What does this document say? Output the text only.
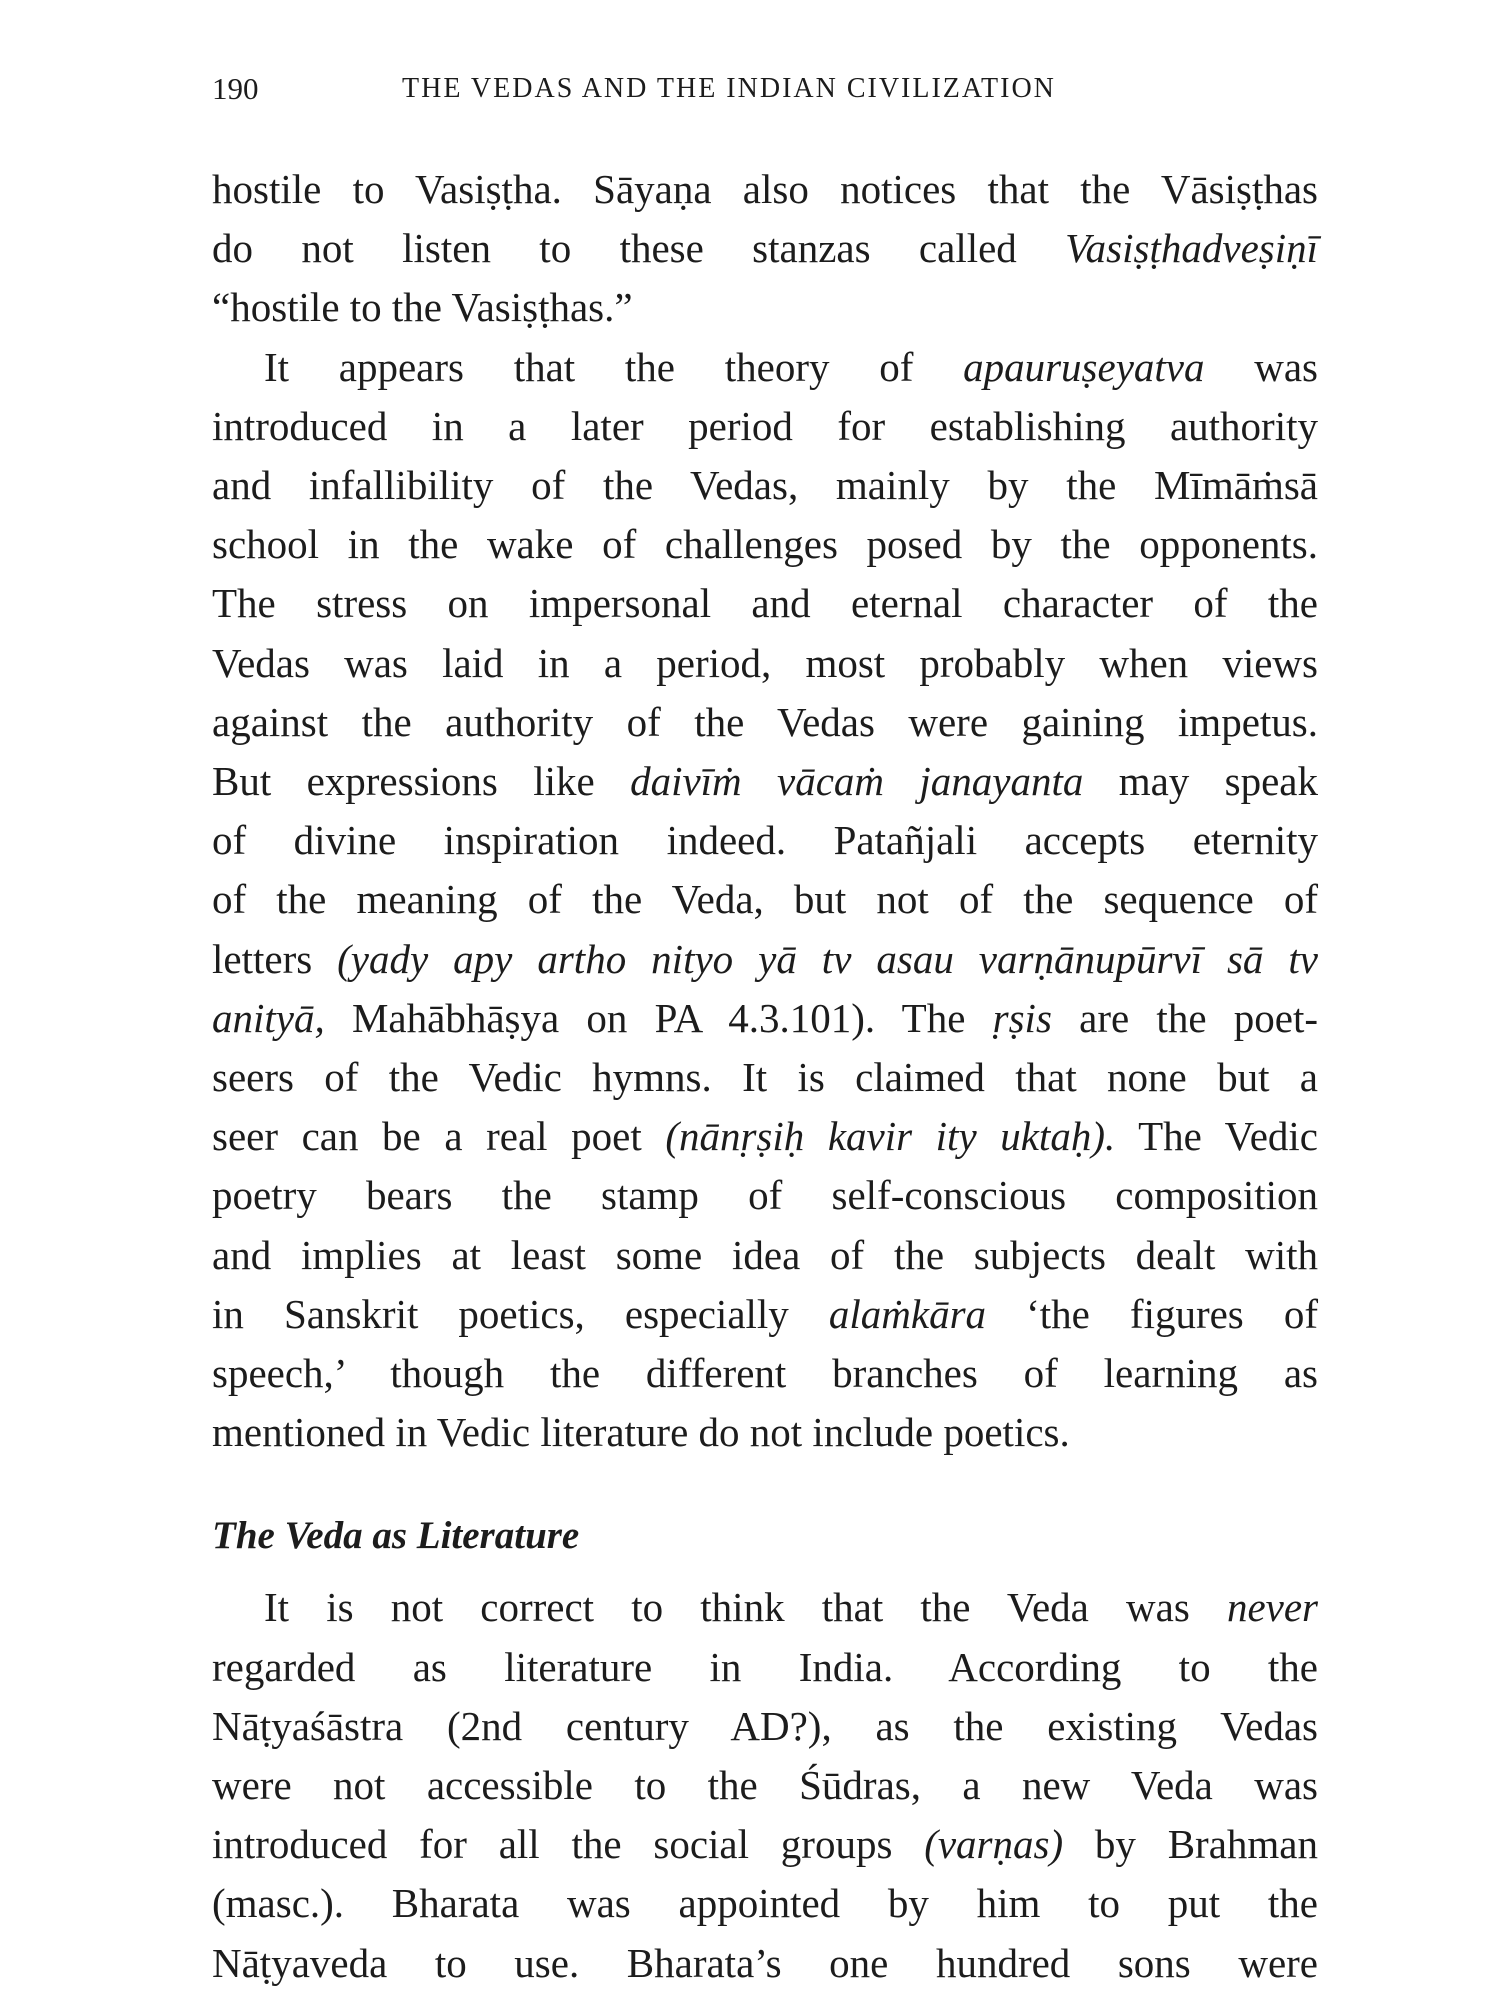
190	THE VEDAS AND THE INDIAN CIVILIZATION

hostile to Vasiṣṭha. Sāyaṇa also notices that the Vāsiṣṭhas
do not listen to these stanzas called Vasiṣṭhadveṣiṇī
“hostile to the Vasiṣṭhas.”

It appears that the theory of apauruṣeyatva was
introduced in a later period for establishing authority
and infallibility of the Vedas, mainly by the Mīmāṁsā
school in the wake of challenges posed by the opponents.
The stress on impersonal and eternal character of the
Vedas was laid in a period, most probably when views
against the authority of the Vedas were gaining impetus.
But expressions like daivīṁ vācaṁ janayanta may speak
of divine inspiration indeed. Patañjali accepts eternity
of the meaning of the Veda, but not of the sequence of
letters (yady apy artho nityo yā tv asau varṇānupūrvī sā tv
anityā, Mahābhāṣya on PA 4.3.101). The ṛṣis are the poet-
seers of the Vedic hymns. It is claimed that none but a
seer can be a real poet (nānṛṣiḥ kavir ity uktaḥ). The Vedic
poetry bears the stamp of self-conscious composition
and implies at least some idea of the subjects dealt with
in Sanskrit poetics, especially alaṁkāra ‘the figures of
speech,’ though the different branches of learning as
mentioned in Vedic literature do not include poetics.

The Veda as Literature

It is not correct to think that the Veda was never
regarded as literature in India. According to the
Nāṭyaśāstra (2nd century AD?), as the existing Vedas
were not accessible to the Śūdras, a new Veda was
introduced for all the social groups (varṇas) by Brahman
(masc.). Bharata was appointed by him to put the
Nāṭyaveda to use. Bharata’s one hundred sons were
